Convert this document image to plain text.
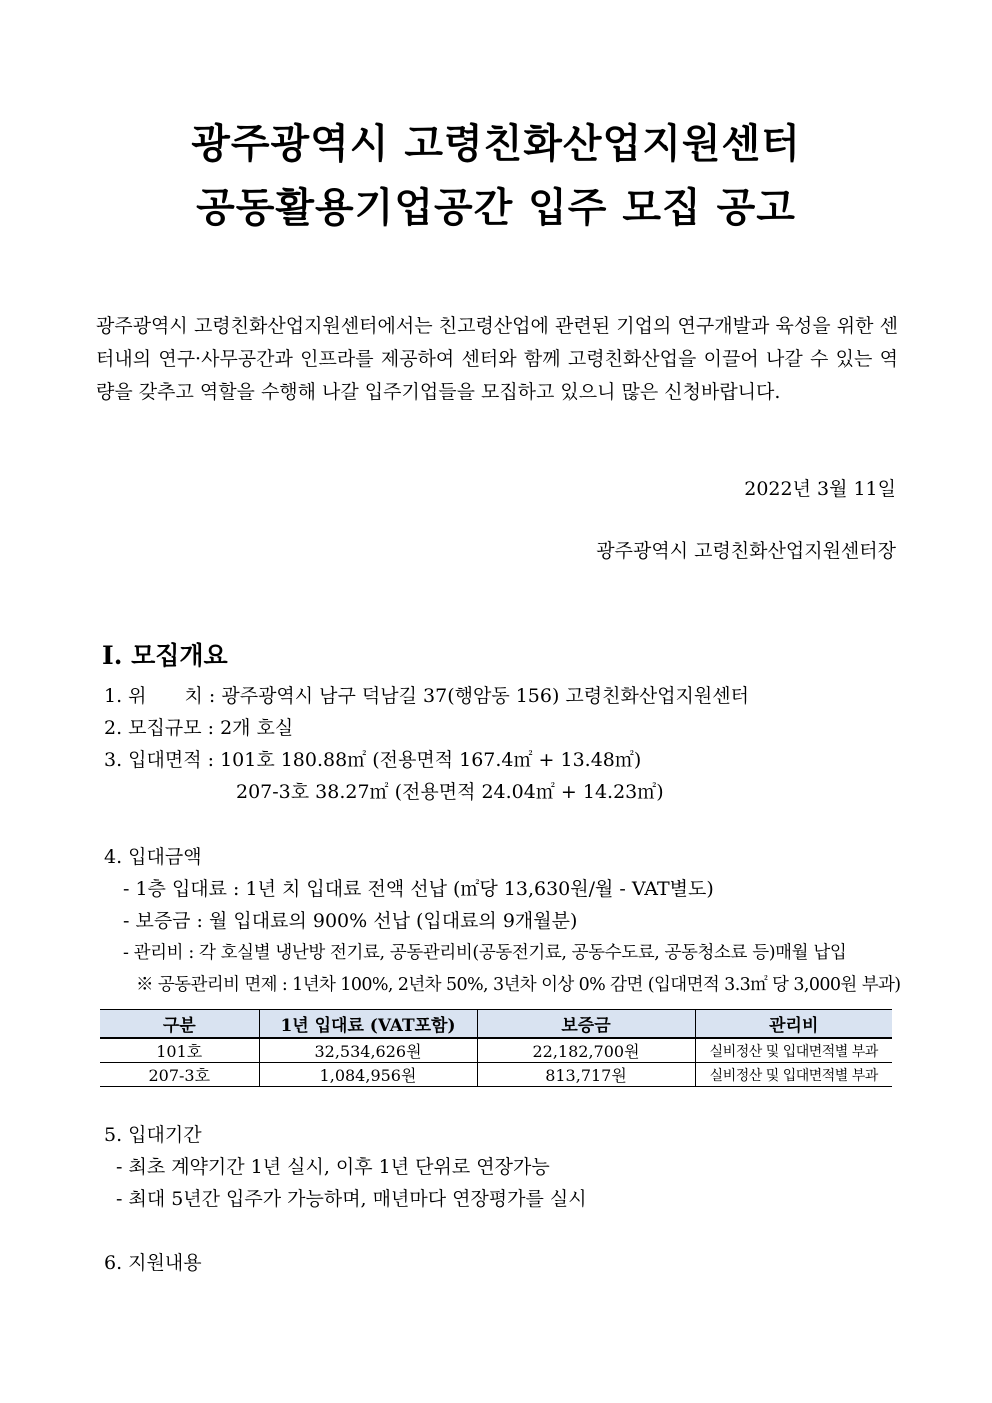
광주광역시 고령친화산업지원센터
공동활용기업공간 입주 모집 공고
광주광역시 고령친화산업지원센터에서는 친고령산업에 관련된 기업의 연구개발과 육성을 위한 센터내의 연구·사무공간과 인프라를 제공하여 센터와 함께 고령친화산업을 이끌어 나갈 수 있는 역량을 갖추고 역할을 수행해 나갈 입주기업들을 모집하고 있으니 많은 신청바랍니다.
2022년 3월 11일
광주광역시 고령친화산업지원센터장
Ⅰ. 모집개요
1. 위　　치 : 광주광역시 남구 덕남길 37(행암동 156) 고령친화산업지원센터
2. 모집규모 : 2개 호실
3. 입대면적 : 101호 180.88㎡ (전용면적 167.4㎡ + 13.48㎡)
207-3호 38.27㎡ (전용면적 24.04㎡ + 14.23㎡)
4. 입대금액
- 1층 입대료 : 1년 치 입대료 전액 선납 (㎡당 13,630원/월 - VAT별도)
- 보증금 : 월 입대료의 900% 선납 (입대료의 9개월분)
- 관리비 : 각 호실별 냉난방 전기료, 공동관리비(공동전기료, 공동수도료, 공동청소료 등)매월 납입
※ 공동관리비 면제 : 1년차 100%, 2년차 50%, 3년차 이상 0% 감면 (입대면적 3.3㎡ 당 3,000원 부과)
구분	1년 입대료 (VAT포함)	보증금	관리비
101호	32,534,626원	22,182,700원	실비정산 및 입대면적별 부과
207-3호	1,084,956원	813,717원	실비정산 및 입대면적별 부과
5. 입대기간
- 최초 계약기간 1년 실시, 이후 1년 단위로 연장가능
- 최대 5년간 입주가 가능하며, 매년마다 연장평가를 실시
6. 지원내용
